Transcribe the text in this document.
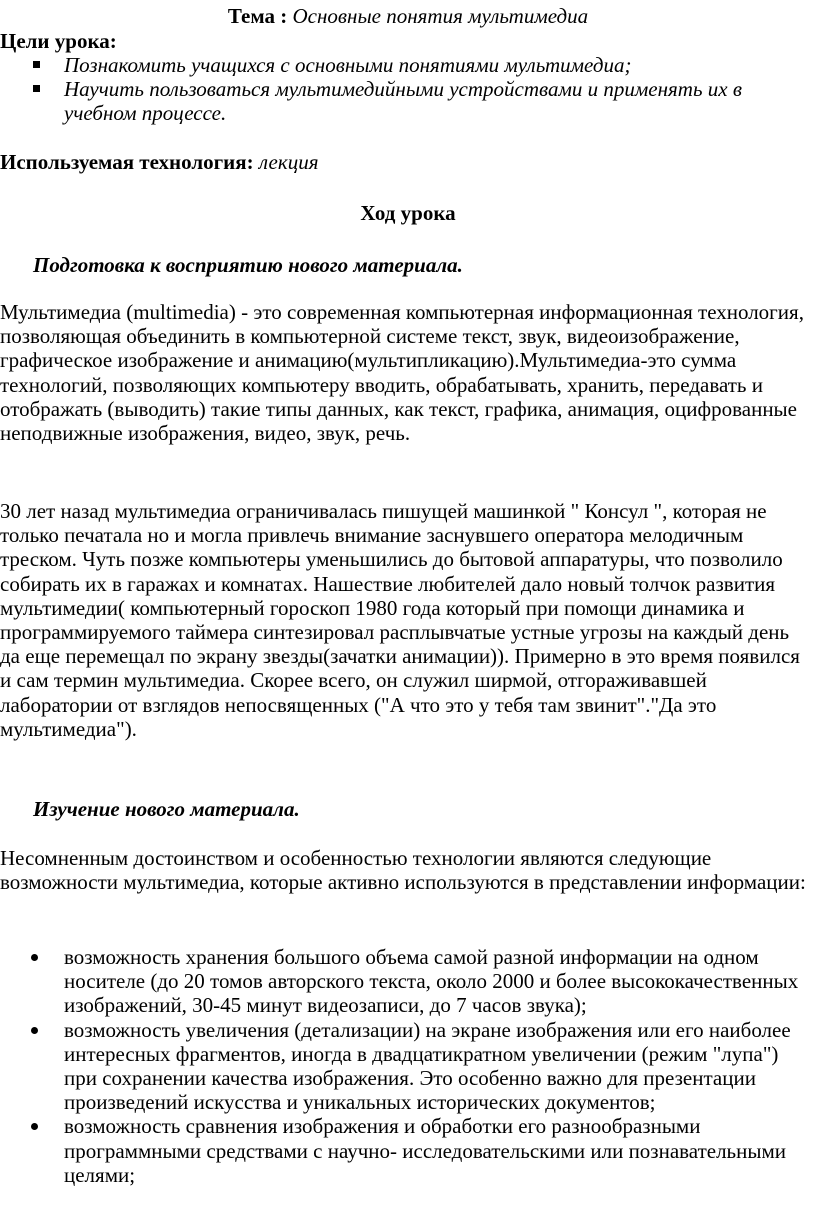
Тема : Основные понятия мультимедиа
Цели урока:
Познакомить учащихся с основными понятиями мультимедиа;
Научить пользоваться мультимедийными устройствами и применять их в учебном процессе.
Используемая технология: лекция
Ход урока
Подготовка к восприятию нового материала.

Мультимедиа (multimedia) - это современная компьютерная информационная технология, позволяющая объединить в компьютерной системе текст, звук, видеоизображение, графическое изображение и анимацию(мультипликацию).Мультимедиа-это сумма технологий, позволяющих компьютеру вводить, обрабатывать, хранить, передавать и отображать (выводить) такие типы данных, как текст, графика, анимация, оцифрованные неподвижные изображения, видео, звук, речь.

30 лет назад мультимедиа ограничивалась пишущей машинкой " Консул ", которая не только печатала но и могла привлечь внимание заснувшего оператора мелодичным треском. Чуть позже компьютеры уменьшились до бытовой аппаратуры, что позволило собирать их в гаражах и комнатах. Нашествие любителей дало новый толчок развития мультимедии( компьютерный гороскоп 1980 года который при помощи динамика и программируемого таймера синтезировал расплывчатые устные угрозы на каждый день да еще перемещал по экрану звезды(зачатки анимации)). Примерно в это время появился и сам термин мультимедиа. Скорее всего, он служил ширмой, отгораживавшей лаборатории от взглядов непосвященных ("А что это у тебя там звинит"."Да это мультимедиа").

Изучение нового материала.

Несомненным достоинством и особенностью технологии являются следующие возможности мультимедиа, которые активно используются в представлении информации:

возможность хранения большого объема самой разной информации на одном носителе (до 20 томов авторского текста, около 2000 и более высококачественных изображений, 30-45 минут видеозаписи, до 7 часов звука);
возможность увеличения (детализации) на экране изображения или его наиболее интересных фрагментов, иногда в двадцатикратном увеличении (режим "лупа") при сохранении качества изображения. Это особенно важно для презентации произведений искусства и уникальных исторических документов;
возможность сравнения изображения и обработки его разнообразными программными средствами с научно- исследовательскими или познавательными целями;
